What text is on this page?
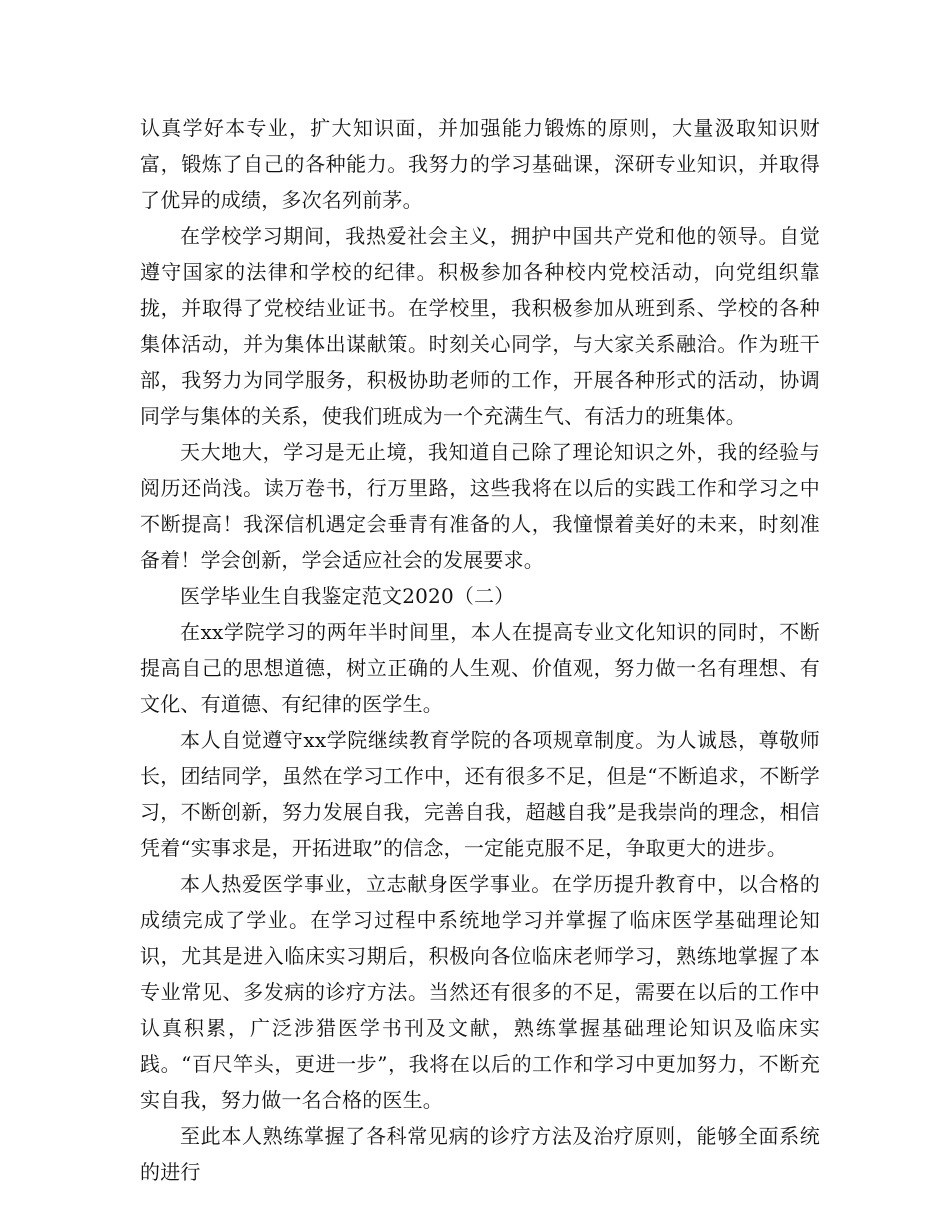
认真学好本专业，扩大知识面，并加强能力锻炼的原则，大量汲取知识财富，锻炼了自己的各种能力。我努力的学习基础课，深研专业知识，并取得了优异的成绩，多次名列前茅。

在学校学习期间，我热爱社会主义，拥护中国共产党和他的领导。自觉遵守国家的法律和学校的纪律。积极参加各种校内党校活动，向党组织靠拢，并取得了党校结业证书。在学校里，我积极参加从班到系、学校的各种集体活动，并为集体出谋献策。时刻关心同学，与大家关系融洽。作为班干部，我努力为同学服务，积极协助老师的工作，开展各种形式的活动，协调同学与集体的关系，使我们班成为一个充满生气、有活力的班集体。

天大地大，学习是无止境，我知道自己除了理论知识之外，我的经验与阅历还尚浅。读万卷书，行万里路，这些我将在以后的实践工作和学习之中不断提高！我深信机遇定会垂青有准备的人，我憧憬着美好的未来，时刻准备着！学会创新，学会适应社会的发展要求。

医学毕业生自我鉴定范文2020（二）

在xx学院学习的两年半时间里，本人在提高专业文化知识的同时，不断提高自己的思想道德，树立正确的人生观、价值观，努力做一名有理想、有文化、有道德、有纪律的医学生。

本人自觉遵守xx学院继续教育学院的各项规章制度。为人诚恳，尊敬师长，团结同学，虽然在学习工作中，还有很多不足，但是“不断追求，不断学习，不断创新，努力发展自我，完善自我，超越自我”是我崇尚的理念，相信凭着“实事求是，开拓进取”的信念，一定能克服不足，争取更大的进步。

本人热爱医学事业，立志献身医学事业。在学历提升教育中，以合格的成绩完成了学业。在学习过程中系统地学习并掌握了临床医学基础理论知识，尤其是进入临床实习期后，积极向各位临床老师学习，熟练地掌握了本专业常见、多发病的诊疗方法。当然还有很多的不足，需要在以后的工作中认真积累，广泛涉猎医学书刊及文献，熟练掌握基础理论知识及临床实践。“百尺竿头，更进一步”，我将在以后的工作和学习中更加努力，不断充实自我，努力做一名合格的医生。

至此本人熟练掌握了各科常见病的诊疗方法及治疗原则，能够全面系统的进行
